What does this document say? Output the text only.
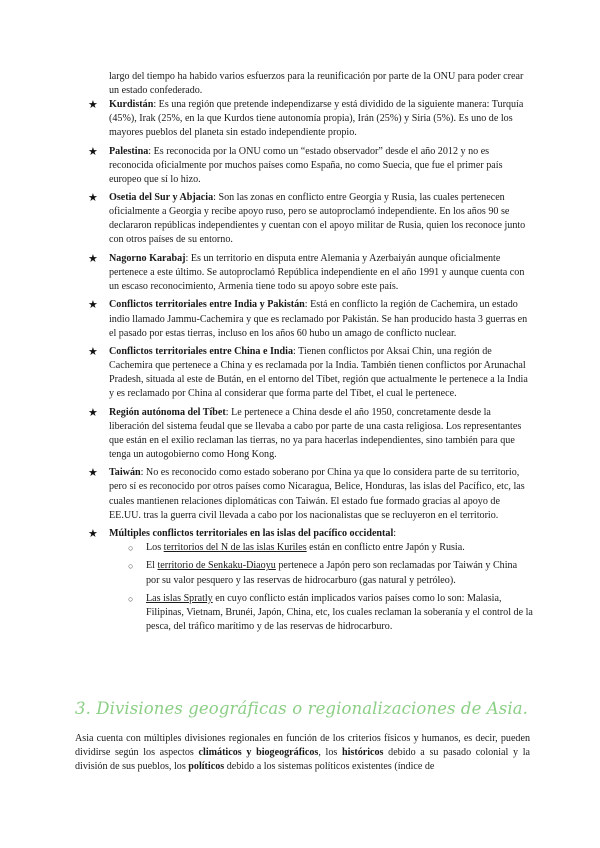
largo del tiempo ha habido varios esfuerzos para la reunificación por parte de la ONU para poder crear un estado confederado.
★ Kurdistán: Es una región que pretende independizarse y está dividido de la siguiente manera: Turquía (45%), Irak (25%, en la que Kurdos tiene autonomía propia), Irán (25%) y Siria (5%). Es uno de los mayores pueblos del planeta sin estado independiente propio.
★ Palestina: Es reconocida por la ONU como un “estado observador” desde el año 2012 y no es reconocida oficialmente por muchos países como España, no como Suecia, que fue el primer país europeo que sí lo hizo.
★ Osetia del Sur y Abjacia: Son las zonas en conflicto entre Georgia y Rusia, las cuales pertenecen oficialmente a Georgia y recibe apoyo ruso, pero se autoproclamó independiente. En los años 90 se declararon repúblicas independientes y cuentan con el apoyo militar de Rusia, quien los reconoce junto con otros países de su entorno.
★ Nagorno Karabaj: Es un territorio en disputa entre Alemania y Azerbaiyán aunque oficialmente pertenece a este último. Se autoproclamó República independiente en el año 1991 y aunque cuenta con un escaso reconocimiento, Armenia tiene todo su apoyo sobre este país.
★ Conflictos territoriales entre India y Pakistán: Está en conflicto la región de Cachemira, un estado indio llamado Jammu-Cachemira y que es reclamado por Pakistán. Se han producido hasta 3 guerras en el pasado por estas tierras, incluso en los años 60 hubo un amago de conflicto nuclear.
★ Conflictos territoriales entre China e India: Tienen conflictos por Aksai Chin, una región de Cachemira que pertenece a China y es reclamada por la India. También tienen conflictos por Arunachal Pradesh, situada al este de Bután, en el entorno del Tíbet, región que actualmente le pertenece a la India y es reclamado por China al considerar que forma parte del Tíbet, el cual le pertenece.
★ Región autónoma del Tíbet: Le pertenece a China desde el año 1950, concretamente desde la liberación del sistema feudal que se llevaba a cabo por parte de una casta religiosa. Los representantes que están en el exilio reclaman las tierras, no ya para hacerlas independientes, sino también para que tenga un autogobierno como Hong Kong.
★ Taiwán: No es reconocido como estado soberano por China ya que lo considera parte de su territorio, pero sí es reconocido por otros países como Nicaragua, Belice, Honduras, las islas del Pacífico, etc, las cuales mantienen relaciones diplomáticas con Taiwán. El estado fue formado gracias al apoyo de EE.UU. tras la guerra civil llevada a cabo por los nacionalistas que se recluyeron en el territorio.
★ Múltiples conflictos territoriales en las islas del pacífico occidental:
○ Los territorios del N de las islas Kuriles están en conflicto entre Japón y Rusia.
○ El territorio de Senkaku-Diaoyu pertenece a Japón pero son reclamadas por Taiwán y China por su valor pesquero y las reservas de hidrocarburo (gas natural y petróleo).
○ Las islas Spratly en cuyo conflicto están implicados varios países como lo son: Malasia, Filipinas, Vietnam, Brunéi, Japón, China, etc, los cuales reclaman la soberanía y el control de la pesca, del tráfico marítimo y de las reservas de hidrocarburo.
3. Divisiones geográficas o regionalizaciones de Asia.

Asia cuenta con múltiples divisiones regionales en función de los criterios físicos y humanos, es decir, pueden dividirse según los aspectos climáticos y biogeográficos, los históricos debido a su pasado colonial y la división de sus pueblos, los políticos debido a los sistemas políticos existentes (índice de
